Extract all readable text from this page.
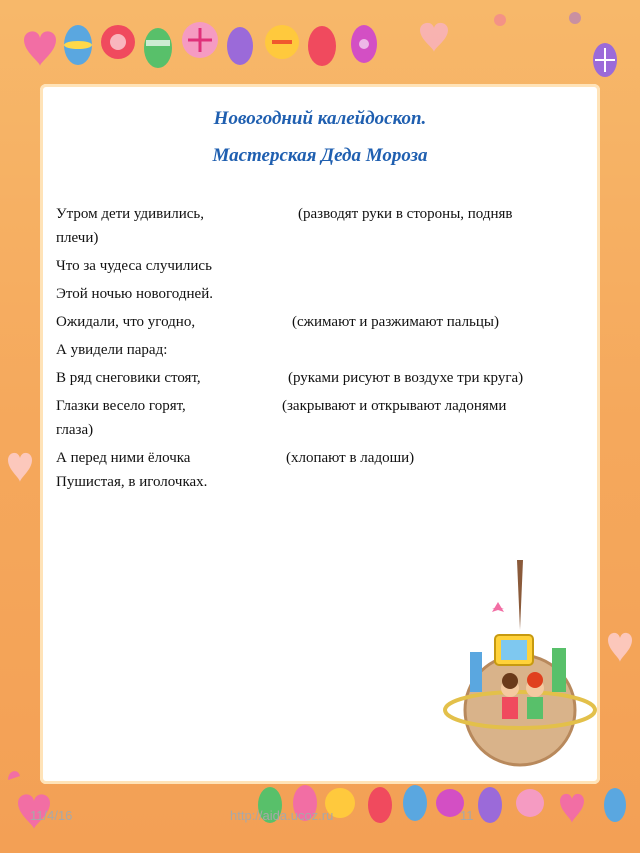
Новогодний калейдоскоп.
Мастерская Деда Мороза
Утром дети удивились,	(разводят руки в стороны, подняв
плечи)
Что за чудеса случились
Этой ночью новогодней.
Ожидали, что угодно,	(сжимают и разжимают пальцы)
А увидели парад:
В ряд снеговики стоят,	(руками рисуют в воздухе три круга)
Глазки весело горят,	(закрывают и открывают ладонями
глаза)
А перед ними ёлочка	(хлопают в ладоши)
Пушистая, в иголочках.
11/4/16	http://aida.ucoz.ru	11
